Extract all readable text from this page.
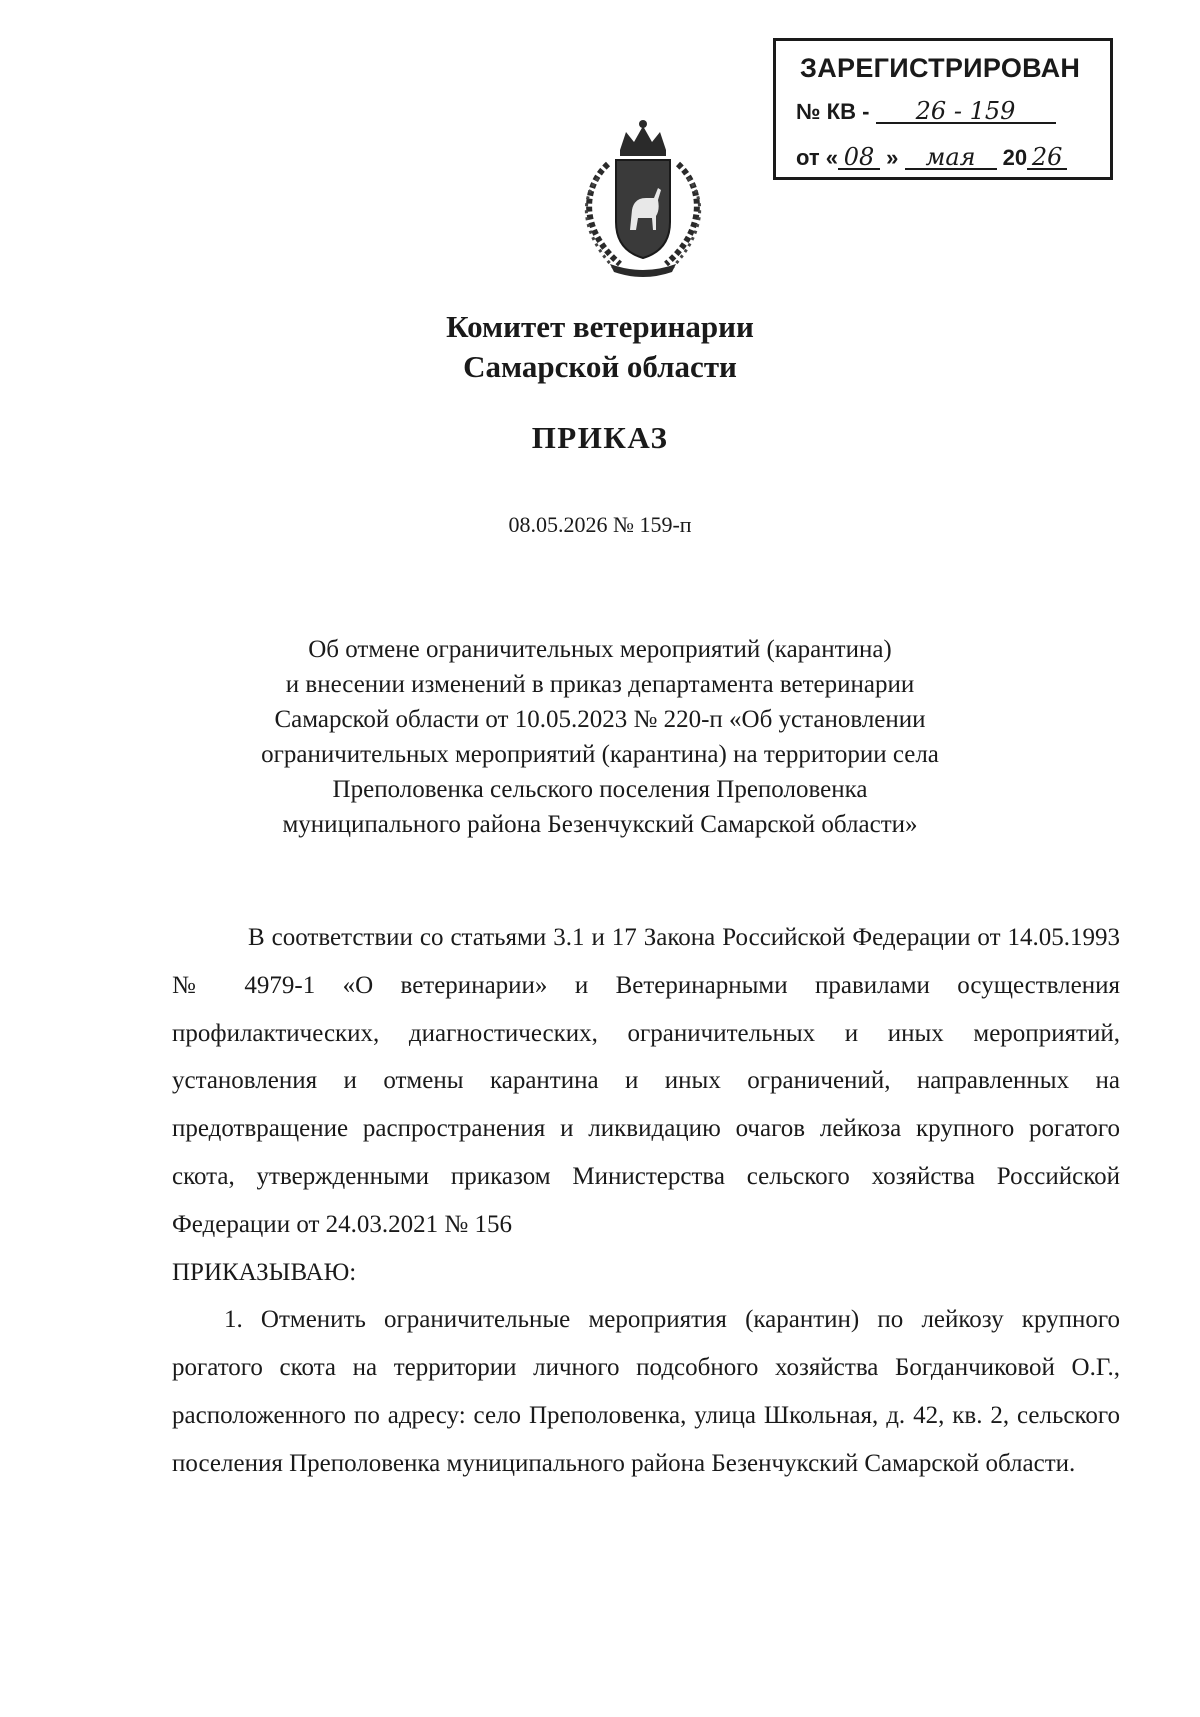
ЗАРЕГИСТРИРОВАН
№ КВ - 26 - 159
от « 08 » мая 20 26
Комитет ветеринарии
Самарской области
ПРИКАЗ
08.05.2026 № 159-п
Об отмене ограничительных мероприятий (карантина)
и внесении изменений в приказ департамента ветеринарии
Самарской области от 10.05.2023 № 220-п «Об установлении
ограничительных мероприятий (карантина) на территории села
Преполовенка сельского поселения Преполовенка
муниципального района Безенчукский Самарской области»

В соответствии со статьями 3.1 и 17 Закона Российской Федерации от 14.05.1993 № 4979-1 «О ветеринарии» и Ветеринарными правилами осуществления профилактических, диагностических, ограничительных и иных мероприятий, установления и отмены карантина и иных ограничений, направленных на предотвращение распространения и ликвидацию очагов лейкоза крупного рогатого скота, утвержденными приказом Министерства сельского хозяйства Российской Федерации от 24.03.2021 № 156

ПРИКАЗЫВАЮ:

1. Отменить ограничительные мероприятия (карантин) по лейкозу крупного рогатого скота на территории личного подсобного хозяйства Богданчиковой О.Г., расположенного по адресу: село Преполовенка, улица Школьная, д. 42, кв. 2, сельского поселения Преполовенка муниципального района Безенчукский Самарской области.
